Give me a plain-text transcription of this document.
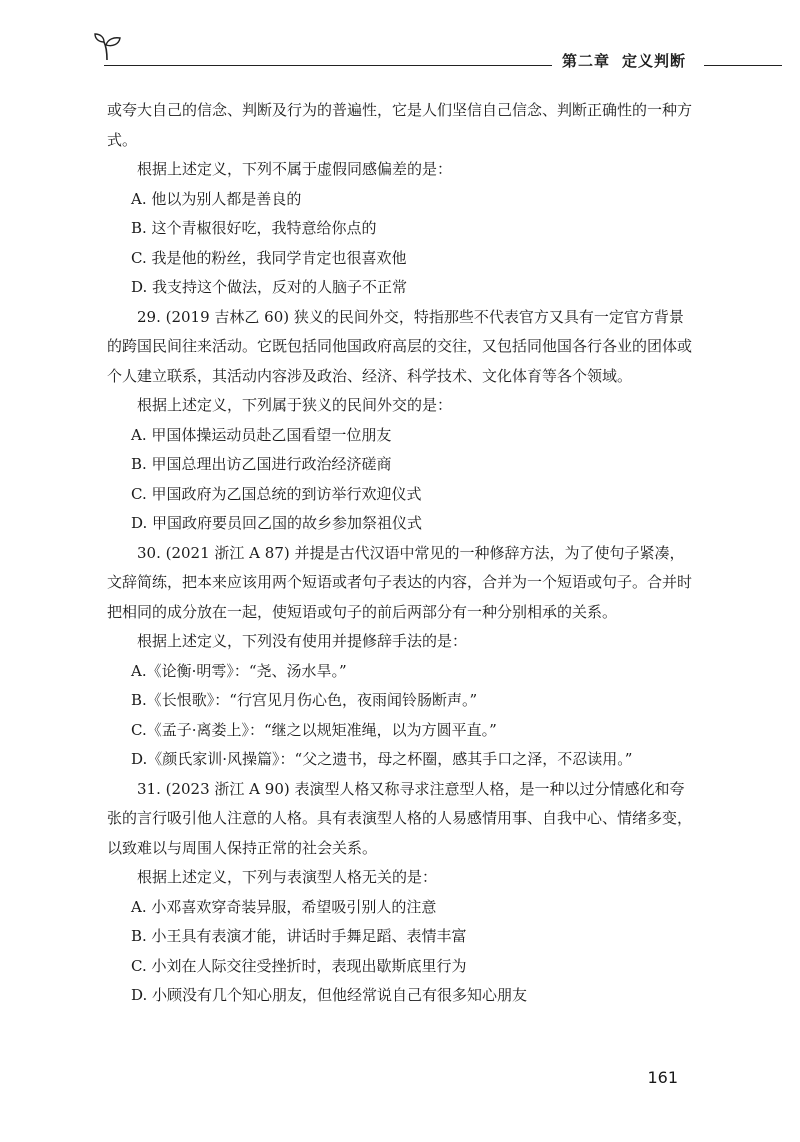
第二章 定义判断

或夸大自己的信念、判断及行为的普遍性，它是人们坚信自己信念、判断正确性的一种方式。

根据上述定义，下列不属于虚假同感偏差的是：

A. 他以为别人都是善良的

B. 这个青椒很好吃，我特意给你点的

C. 我是他的粉丝，我同学肯定也很喜欢他

D. 我支持这个做法，反对的人脑子不正常

29. (2019 吉林乙 60) 狭义的民间外交，特指那些不代表官方又具有一定官方背景的跨国民间往来活动。它既包括同他国政府高层的交往，又包括同他国各行各业的团体或个人建立联系，其活动内容涉及政治、经济、科学技术、文化体育等各个领域。

根据上述定义，下列属于狭义的民间外交的是：

A. 甲国体操运动员赴乙国看望一位朋友

B. 甲国总理出访乙国进行政治经济磋商

C. 甲国政府为乙国总统的到访举行欢迎仪式

D. 甲国政府要员回乙国的故乡参加祭祖仪式

30. (2021 浙江 A 87) 并提是古代汉语中常见的一种修辞方法，为了使句子紧凑，文辞简练，把本来应该用两个短语或者句子表达的内容，合并为一个短语或句子。合并时把相同的成分放在一起，使短语或句子的前后两部分有一种分别相承的关系。

根据上述定义，下列没有使用并提修辞手法的是：

A.《论衡·明雩》：“尧、汤水旱。”

B.《长恨歌》：“行宫见月伤心色，夜雨闻铃肠断声。”

C.《孟子·离娄上》：“继之以规矩准绳，以为方圆平直。”

D.《颜氏家训·风操篇》：“父之遗书，母之杯圈，感其手口之泽，不忍读用。”

31. (2023 浙江 A 90) 表演型人格又称寻求注意型人格，是一种以过分情感化和夸张的言行吸引他人注意的人格。具有表演型人格的人易感情用事、自我中心、情绪多变，以致难以与周围人保持正常的社会关系。

根据上述定义，下列与表演型人格无关的是：

A. 小邓喜欢穿奇装异服，希望吸引别人的注意

B. 小王具有表演才能，讲话时手舞足蹈、表情丰富

C. 小刘在人际交往受挫折时，表现出歇斯底里行为

D. 小顾没有几个知心朋友，但他经常说自己有很多知心朋友

161
